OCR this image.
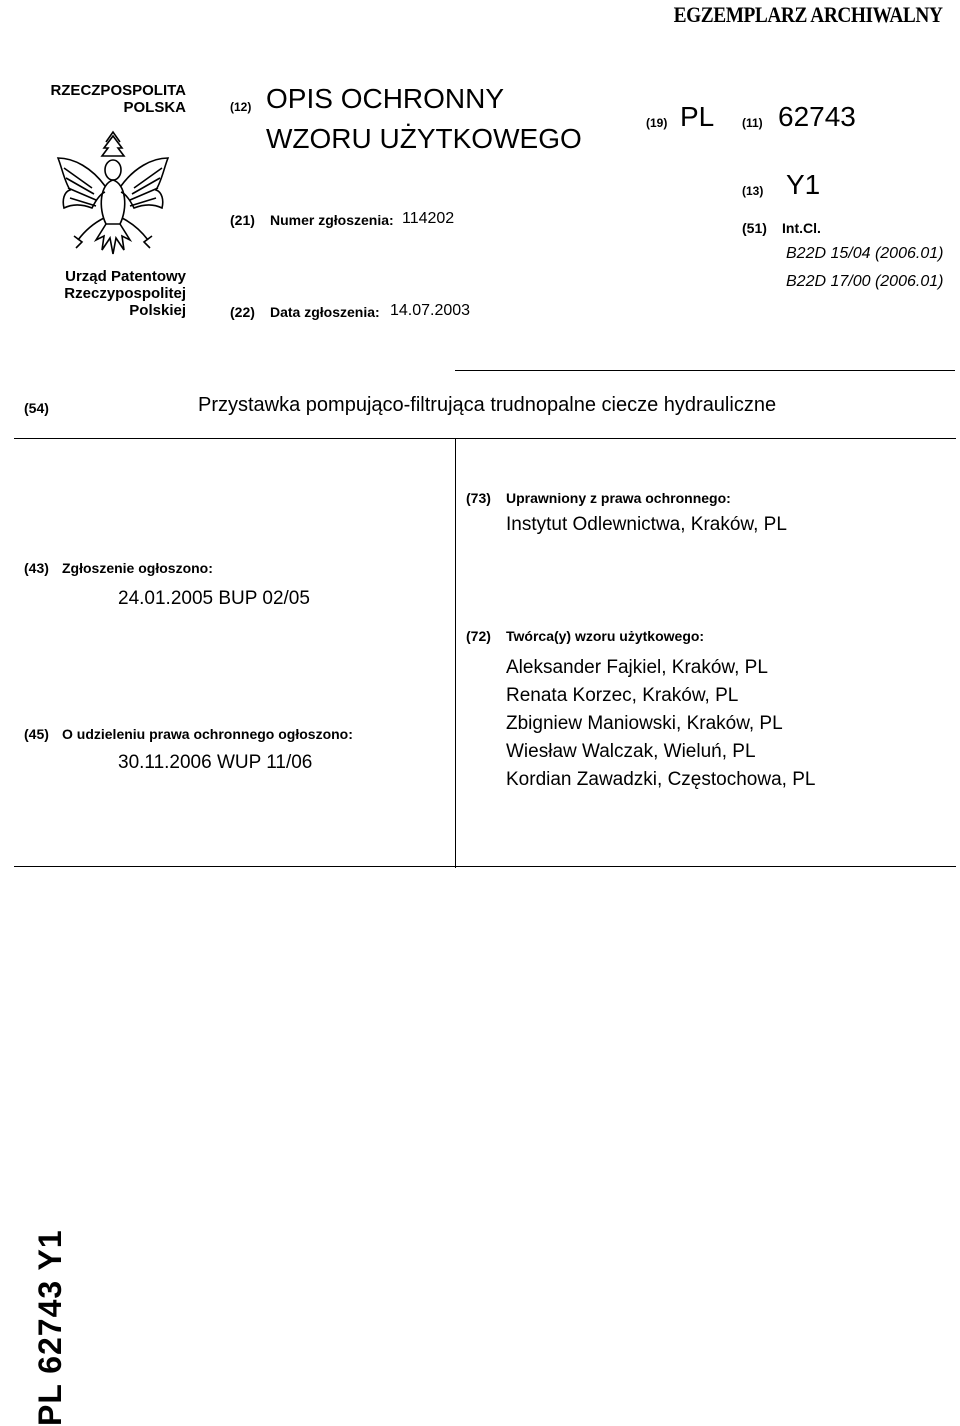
EGZEMPLARZ ARCHIWALNY
RZECZPOSPOLITA
POLSKA
Urząd Patentowy
Rzeczypospolitej
Polskiej
(12) OPIS OCHRONNY
WZORU UŻYTKOWEGO	(19) PL (11) 62743
(13) Y1
(21) Numer zgłoszenia: 114202
(22) Data zgłoszenia: 14.07.2003
(51) Int.Cl.
B22D 15/04 (2006.01)
B22D 17/00 (2006.01)
(54)	Przystawka pompująco-filtrująca trudnopalne ciecze hydrauliczne
(73) Uprawniony z prawa ochronnego:
Instytut Odlewnictwa, Kraków, PL
(43) Zgłoszenie ogłoszono:
24.01.2005 BUP 02/05
(72) Twórca(y) wzoru użytkowego:
Aleksander Fajkiel, Kraków, PL
Renata Korzec, Kraków, PL
Zbigniew Maniowski, Kraków, PL
Wiesław Walczak, Wieluń, PL
Kordian Zawadzki, Częstochowa, PL
(45) O udzieleniu prawa ochronnego ogłoszono:
30.11.2006 WUP 11/06
PL 62743 Y1
